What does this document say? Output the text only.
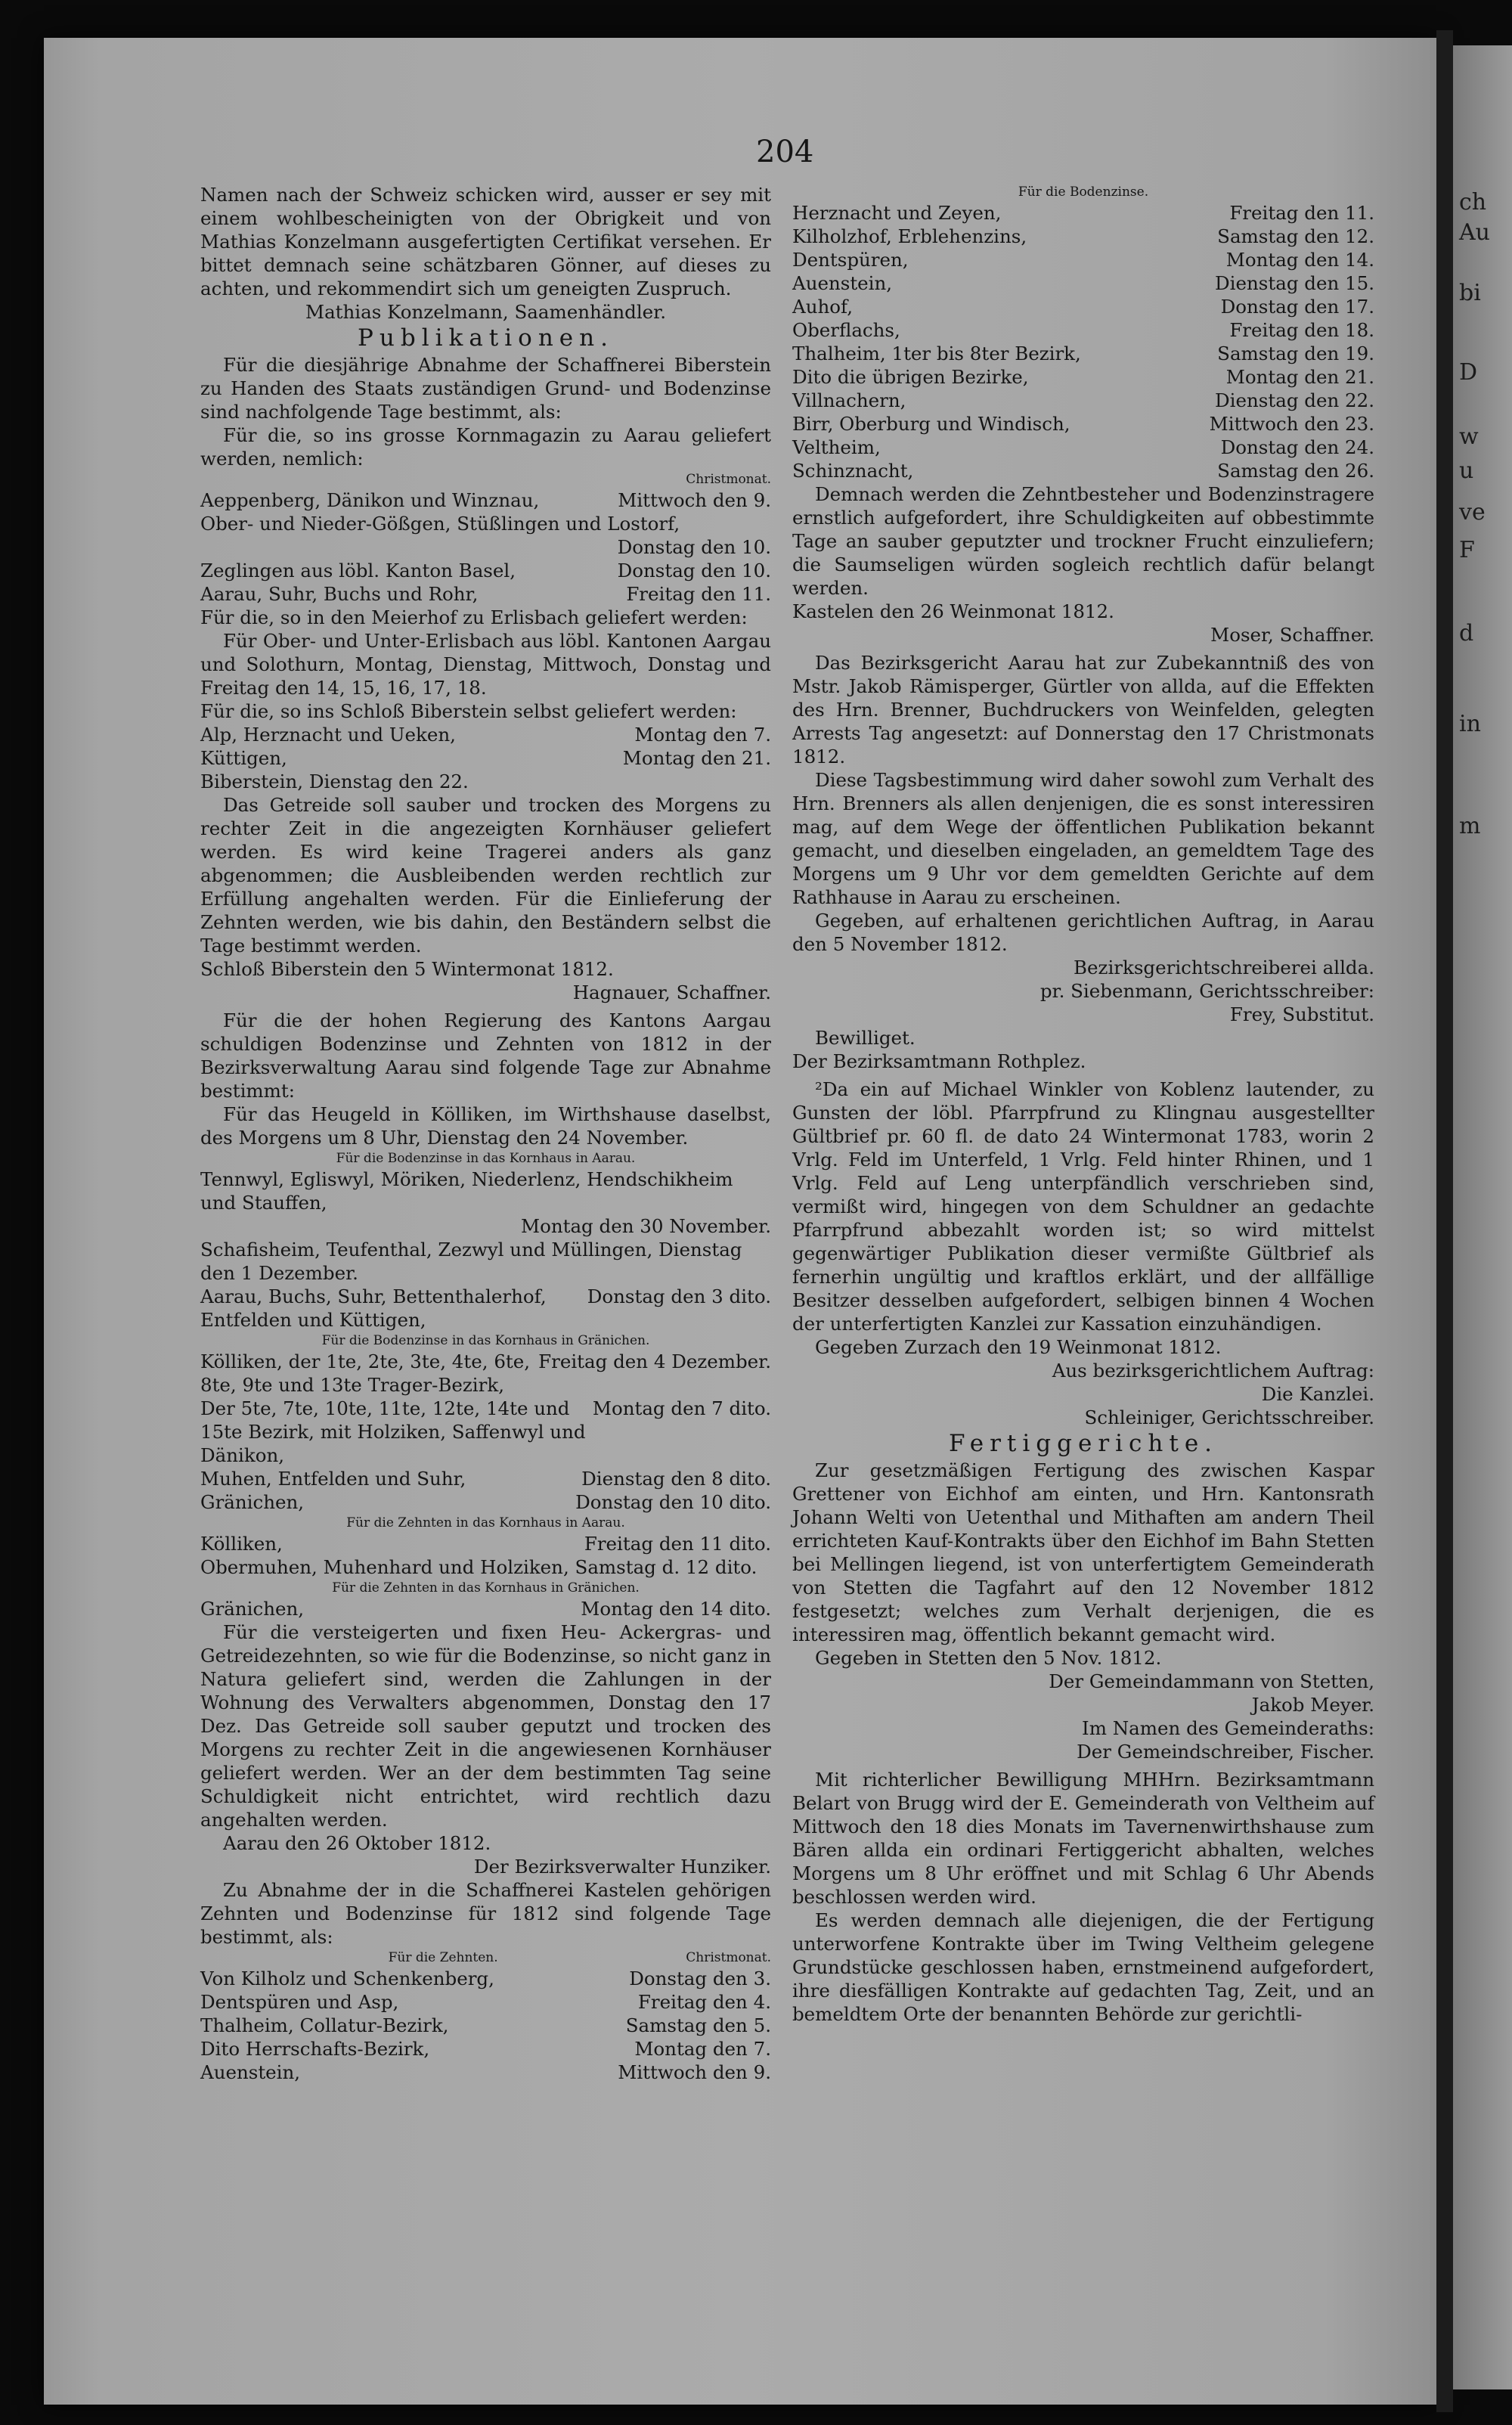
ch
Au
bi
D
w
u
ve
F
d
in
m
204

Namen nach der Schweiz schicken wird, ausser er sey mit einem wohlbescheinigten von der Obrigkeit und von Mathias Konzelmann ausgefertigten Certifikat versehen. Er bittet demnach seine schätzbaren Gönner, auf dieses zu achten, und rekommendirt sich um geneigten Zuspruch.

Mathias Konzelmann, Saamenhändler.

Publikationen.

Für die diesjährige Abnahme der Schaffnerei Biberstein zu Handen des Staats zuständigen Grund- und Bodenzinse sind nachfolgende Tage bestimmt, als:

Für die, so ins grosse Kornmagazin zu Aarau geliefert werden, nemlich:

Christmonat.
Aeppenberg, Dänikon und Winznau,	Mittwoch den 9.
Ober- und Nieder-Gößgen, Stüßlingen und Lostorf,
Donstag den 10.
Zeglingen aus löbl. Kanton Basel,	Donstag den 10.
Aarau, Suhr, Buchs und Rohr,	Freitag den 11.

Für die, so in den Meierhof zu Erlisbach geliefert werden:

Für Ober- und Unter-Erlisbach aus löbl. Kantonen Aargau und Solothurn, Montag, Dienstag, Mittwoch, Donstag und Freitag den 14, 15, 16, 17, 18.

Für die, so ins Schloß Biberstein selbst geliefert werden:

Alp, Herznacht und Ueken,	Montag den 7.
Küttigen,	Montag den 21.
Biberstein, Dienstag den 22.

Das Getreide soll sauber und trocken des Morgens zu rechter Zeit in die angezeigten Kornhäuser geliefert werden. Es wird keine Tragerei anders als ganz abgenommen; die Ausbleibenden werden rechtlich zur Erfüllung angehalten werden. Für die Einlieferung der Zehnten werden, wie bis dahin, den Beständern selbst die Tage bestimmt werden.

Schloß Biberstein den 5 Wintermonat 1812.

Hagnauer, Schaffner.

Für die der hohen Regierung des Kantons Aargau schuldigen Bodenzinse und Zehnten von 1812 in der Bezirksverwaltung Aarau sind folgende Tage zur Abnahme bestimmt:

Für das Heugeld in Kölliken, im Wirthshause daselbst, des Morgens um 8 Uhr, Dienstag den 24 November.

Für die Bodenzinse in das Kornhaus in Aarau.
Tennwyl, Egliswyl, Möriken, Niederlenz, Hendschikheim und Stauffen,
Montag den 30 November.
Schafisheim, Teufenthal, Zezwyl und Müllingen, Dienstag den 1 Dezember.
Aarau, Buchs, Suhr, Bettenthalerhof, Entfelden und Küttigen,
Donstag den 3 dito.
Für die Bodenzinse in das Kornhaus in Gränichen.
Kölliken, der 1te, 2te, 3te, 4te, 6te, 8te, 9te und 13te Trager-Bezirk,
Freitag den 4 Dezember.
Der 5te, 7te, 10te, 11te, 12te, 14te und 15te Bezirk, mit Holziken, Saffenwyl und Dänikon,
Montag den 7 dito.
Muhen, Entfelden und Suhr,	Dienstag den 8 dito.
Gränichen,	Donstag den 10 dito.
Für die Zehnten in das Kornhaus in Aarau.
Kölliken,	Freitag den 11 dito.
Obermuhen, Muhenhard und Holziken, Samstag d. 12 dito.
Für die Zehnten in das Kornhaus in Gränichen.
Gränichen,	Montag den 14 dito.

Für die versteigerten und fixen Heu- Ackergras- und Getreidezehnten, so wie für die Bodenzinse, so nicht ganz in Natura geliefert sind, werden die Zahlungen in der Wohnung des Verwalters abgenommen, Donstag den 17 Dez. Das Getreide soll sauber geputzt und trocken des Morgens zu rechter Zeit in die angewiesenen Kornhäuser geliefert werden. Wer an der dem bestimmten Tag seine Schuldigkeit nicht entrichtet, wird rechtlich dazu angehalten werden.

Aarau den 26 Oktober 1812.

Der Bezirksverwalter Hunziker.

Zu Abnahme der in die Schaffnerei Kastelen gehörigen Zehnten und Bodenzinse für 1812 sind folgende Tage bestimmt, als:

Für die Zehnten.	Christmonat.
Von Kilholz und Schenkenberg,	Donstag den 3.
Dentspüren und Asp,	Freitag den 4.
Thalheim, Collatur-Bezirk,	Samstag den 5.
Dito Herrschafts-Bezirk,	Montag den 7.
Auenstein,	Mittwoch den 9.
Für die Bodenzinse.
Herznacht und Zeyen,	Freitag den 11.
Kilholzhof, Erblehenzins,	Samstag den 12.
Dentspüren,	Montag den 14.
Auenstein,	Dienstag den 15.
Auhof,	Donstag den 17.
Oberflachs,	Freitag den 18.
Thalheim, 1ter bis 8ter Bezirk,	Samstag den 19.
Dito die übrigen Bezirke,	Montag den 21.
Villnachern,	Dienstag den 22.
Birr, Oberburg und Windisch,	Mittwoch den 23.
Veltheim,	Donstag den 24.
Schinznacht,	Samstag den 26.

Demnach werden die Zehntbesteher und Bodenzinstragere ernstlich aufgefordert, ihre Schuldigkeiten auf obbestimmte Tage an sauber geputzter und trockner Frucht einzuliefern; die Saumseligen würden sogleich rechtlich dafür belangt werden.

Kastelen den 26 Weinmonat 1812.

Moser, Schaffner.

Das Bezirksgericht Aarau hat zur Zubekanntniß des von Mstr. Jakob Rämisperger, Gürtler von allda, auf die Effekten des Hrn. Brenner, Buchdruckers von Weinfelden, gelegten Arrests Tag angesetzt: auf Donnerstag den 17 Christmonats 1812.

Diese Tagsbestimmung wird daher sowohl zum Verhalt des Hrn. Brenners als allen denjenigen, die es sonst interessiren mag, auf dem Wege der öffentlichen Publikation bekannt gemacht, und dieselben eingeladen, an gemeldtem Tage des Morgens um 9 Uhr vor dem gemeldten Gerichte auf dem Rathhause in Aarau zu erscheinen.

Gegeben, auf erhaltenen gerichtlichen Auftrag, in Aarau den 5 November 1812.

Bezirksgerichtschreiberei allda.

pr. Siebenmann, Gerichtsschreiber:

Frey, Substitut.

Bewilliget.

Der Bezirksamtmann Rothplez.

²Da ein auf Michael Winkler von Koblenz lautender, zu Gunsten der löbl. Pfarrpfrund zu Klingnau ausgestellter Gültbrief pr. 60 fl. de dato 24 Wintermonat 1783, worin 2 Vrlg. Feld im Unterfeld, 1 Vrlg. Feld hinter Rhinen, und 1 Vrlg. Feld auf Leng unterpfändlich verschrieben sind, vermißt wird, hingegen von dem Schuldner an gedachte Pfarrpfrund abbezahlt worden ist; so wird mittelst gegenwärtiger Publikation dieser vermißte Gültbrief als fernerhin ungültig und kraftlos erklärt, und der allfällige Besitzer desselben aufgefordert, selbigen binnen 4 Wochen der unterfertigten Kanzlei zur Kassation einzuhändigen.

Gegeben Zurzach den 19 Weinmonat 1812.

Aus bezirksgerichtlichem Auftrag:

Die Kanzlei.

Schleiniger, Gerichtsschreiber.

Fertiggerichte.

Zur gesetzmäßigen Fertigung des zwischen Kaspar Grettener von Eichhof am einten, und Hrn. Kantonsrath Johann Welti von Uetenthal und Mithaften am andern Theil errichteten Kauf-Kontrakts über den Eichhof im Bahn Stetten bei Mellingen liegend, ist von unterfertigtem Gemeinderath von Stetten die Tagfahrt auf den 12 November 1812 festgesetzt; welches zum Verhalt derjenigen, die es interessiren mag, öffentlich bekannt gemacht wird.

Gegeben in Stetten den 5 Nov. 1812.

Der Gemeindammann von Stetten,

Jakob Meyer.

Im Namen des Gemeinderaths:

Der Gemeindschreiber, Fischer.

Mit richterlicher Bewilligung MHHrn. Bezirksamtmann Belart von Brugg wird der E. Gemeinderath von Veltheim auf Mittwoch den 18 dies Monats im Tavernenwirthshause zum Bären allda ein ordinari Fertiggericht abhalten, welches Morgens um 8 Uhr eröffnet und mit Schlag 6 Uhr Abends beschlossen werden wird.

Es werden demnach alle diejenigen, die der Fertigung unterworfene Kontrakte über im Twing Veltheim gelegene Grundstücke geschlossen haben, ernstmeinend aufgefordert, ihre diesfälligen Kontrakte auf gedachten Tag, Zeit, und an bemeldtem Orte der benannten Behörde zur gerichtli-
